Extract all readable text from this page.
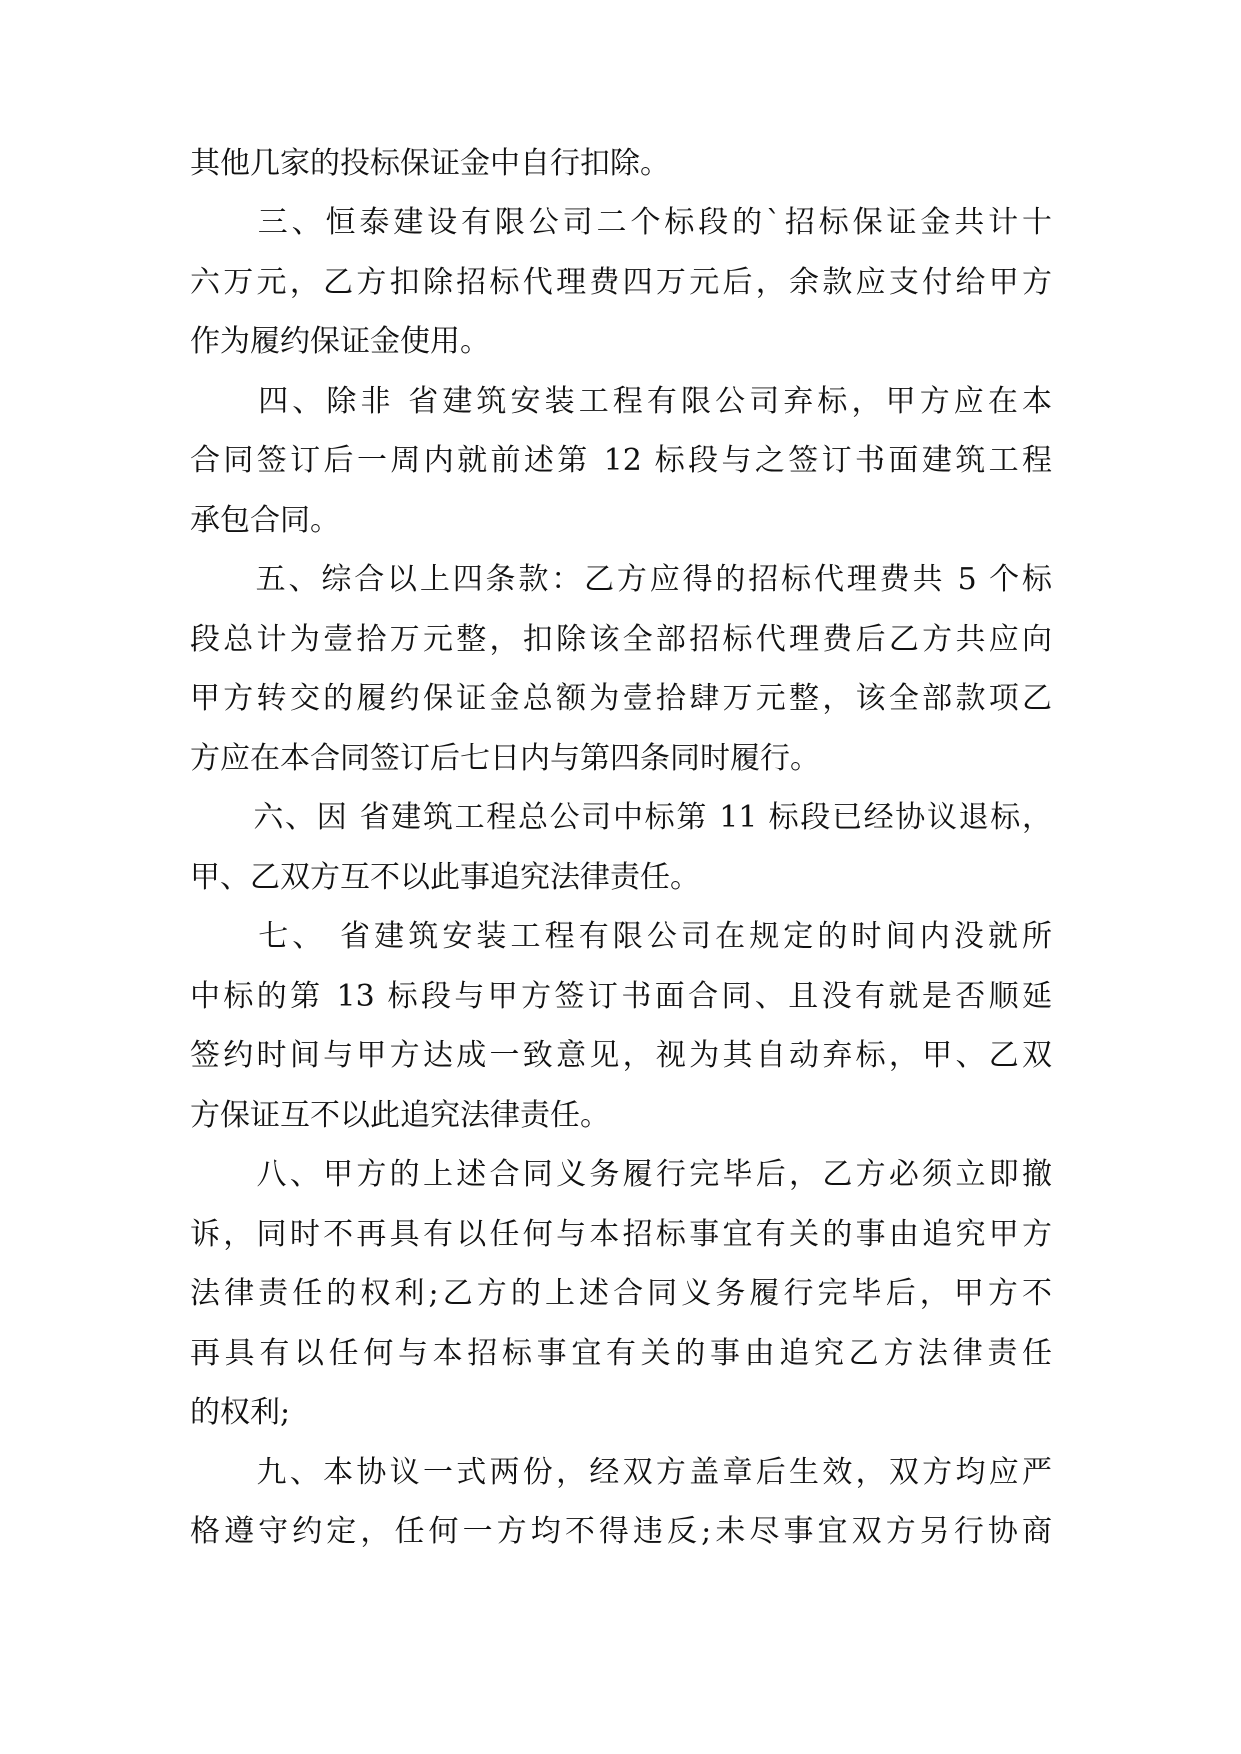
其他几家的投标保证金中自行扣除。
　　三、恒泰建设有限公司二个标段的`招标保证金共计十
六万元，乙方扣除招标代理费四万元后，余款应支付给甲方
作为履约保证金使用。
　　四、除非 省建筑安装工程有限公司弃标，甲方应在本
合同签订后一周内就前述第 12 标段与之签订书面建筑工程
承包合同。
　　五、综合以上四条款：乙方应得的招标代理费共 5 个标
段总计为壹拾万元整，扣除该全部招标代理费后乙方共应向
甲方转交的履约保证金总额为壹拾肆万元整，该全部款项乙
方应在本合同签订后七日内与第四条同时履行。
　　六、因 省建筑工程总公司中标第 11 标段已经协议退标，
甲、乙双方互不以此事追究法律责任。
　　七、 省建筑安装工程有限公司在规定的时间内没就所
中标的第 13 标段与甲方签订书面合同、且没有就是否顺延
签约时间与甲方达成一致意见，视为其自动弃标，甲、乙双
方保证互不以此追究法律责任。
　　八、甲方的上述合同义务履行完毕后，乙方必须立即撤
诉，同时不再具有以任何与本招标事宜有关的事由追究甲方
法律责任的权利;乙方的上述合同义务履行完毕后，甲方不
再具有以任何与本招标事宜有关的事由追究乙方法律责任
的权利;
　　九、本协议一式两份，经双方盖章后生效，双方均应严
格遵守约定，任何一方均不得违反;未尽事宜双方另行协商
